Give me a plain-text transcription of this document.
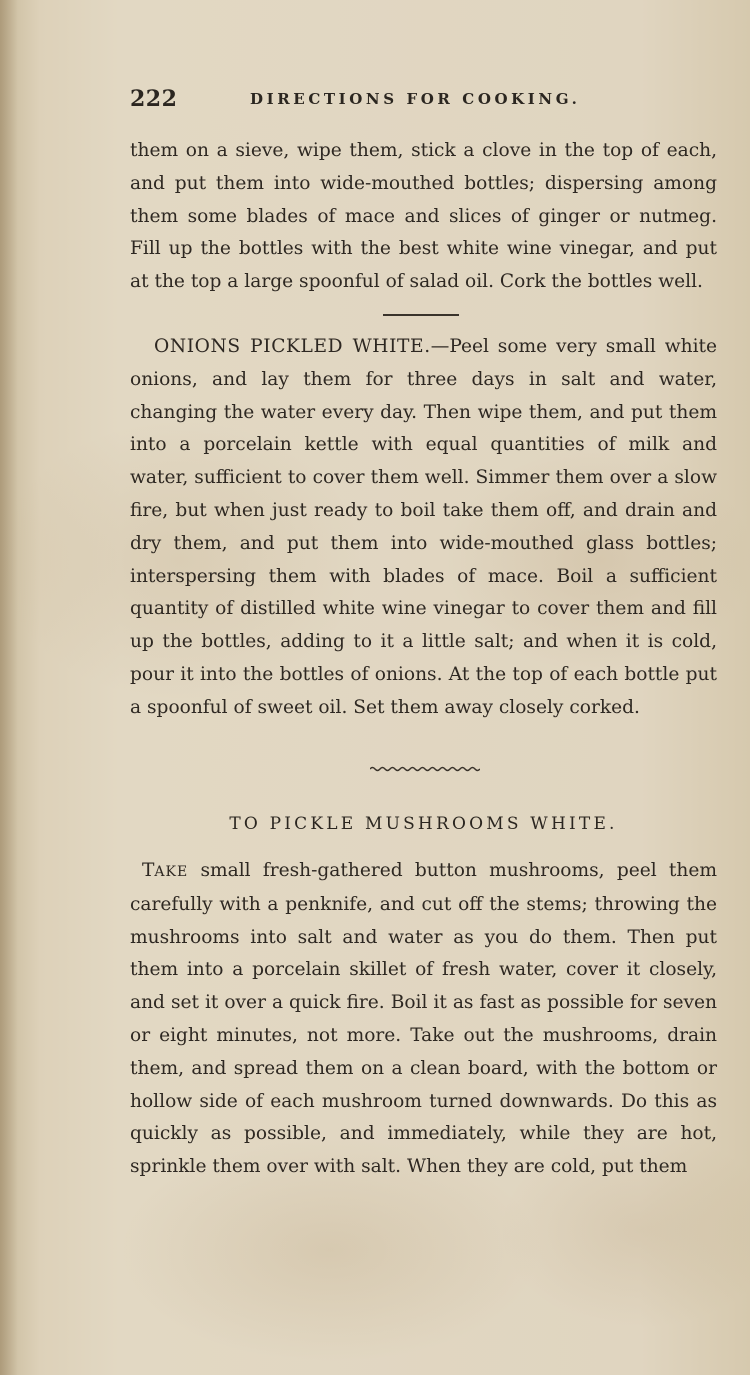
222	DIRECTIONS FOR COOKING.
them on a sieve, wipe them, stick a clove in the top of each, and put them into wide-mouthed bottles; dispersing among them some blades of mace and slices of ginger or nutmeg. Fill up the bottles with the best white wine vinegar, and put at the top a large spoonful of salad oil. Cork the bottles well.
ONIONS PICKLED WHITE.—Peel some very small white onions, and lay them for three days in salt and water, changing the water every day. Then wipe them, and put them into a porcelain kettle with equal quantities of milk and water, sufficient to cover them well. Simmer them over a slow fire, but when just ready to boil take them off, and drain and dry them, and put them into wide-mouthed glass bottles; interspersing them with blades of mace. Boil a sufficient quantity of distilled white wine vinegar to cover them and fill up the bottles, adding to it a little salt; and when it is cold, pour it into the bottles of onions. At the top of each bottle put a spoonful of sweet oil. Set them away closely corked.
TO PICKLE MUSHROOMS WHITE.
TAKE small fresh-gathered button mushrooms, peel them carefully with a penknife, and cut off the stems; throwing the mushrooms into salt and water as you do them. Then put them into a porcelain skillet of fresh water, cover it closely, and set it over a quick fire. Boil it as fast as possible for seven or eight minutes, not more. Take out the mushrooms, drain them, and spread them on a clean board, with the bottom or hollow side of each mushroom turned downwards. Do this as quickly as possible, and immediately, while they are hot, sprinkle them over with salt. When they are cold, put them
